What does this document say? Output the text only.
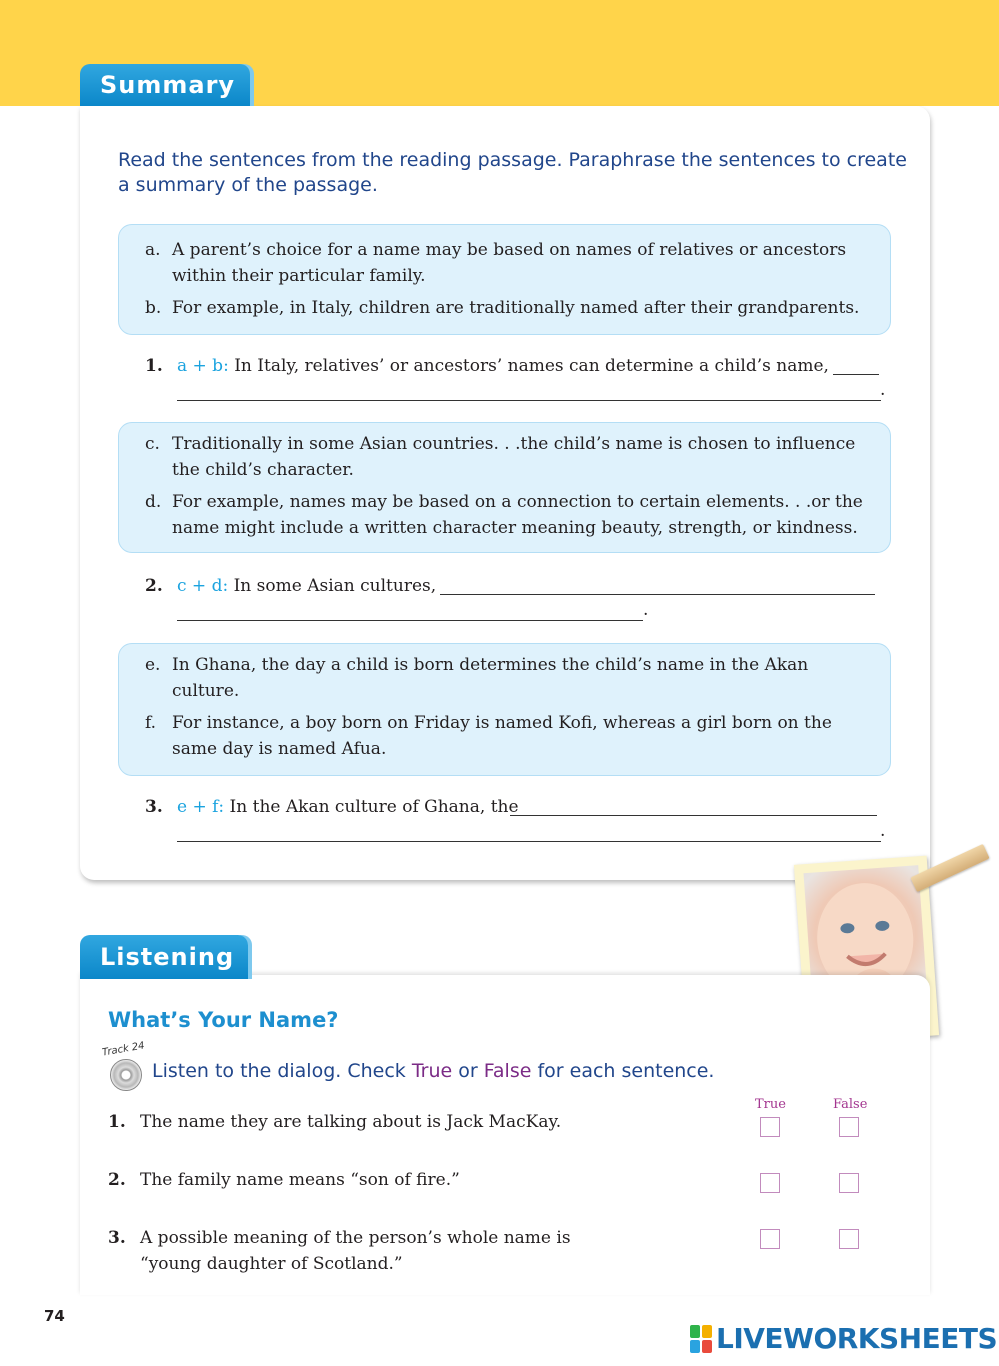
Summary
Read the sentences from the reading passage. Paraphrase the sentences to create a summary of the passage.
a. A parent’s choice for a name may be based on names of relatives or ancestors within their particular family.
b. For example, in Italy, children are traditionally named after their grandparents.
1. a + b: In Italy, relatives’ or ancestors’ names can determine a child’s name,
.
c. Traditionally in some Asian countries. . .the child’s name is chosen to influence the child’s character.
d. For example, names may be based on a connection to certain elements. . .or the name might include a written character meaning beauty, strength, or kindness.
2. c + d: In some Asian cultures,
.
e. In Ghana, the day a child is born determines the child’s name in the Akan culture.
f. For instance, a boy born on Friday is named Kofi, whereas a girl born on the same day is named Afua.
3. e + f: In the Akan culture of Ghana, the
.
Listening
What’s Your Name?
Track 24
Listen to the dialog. Check True or False for each sentence.
True	False
1. The name they are talking about is Jack MacKay.
2. The family name means “son of fire.”
3. A possible meaning of the person’s whole name is “young daughter of Scotland.”
74
LIVEWORKSHEETS
